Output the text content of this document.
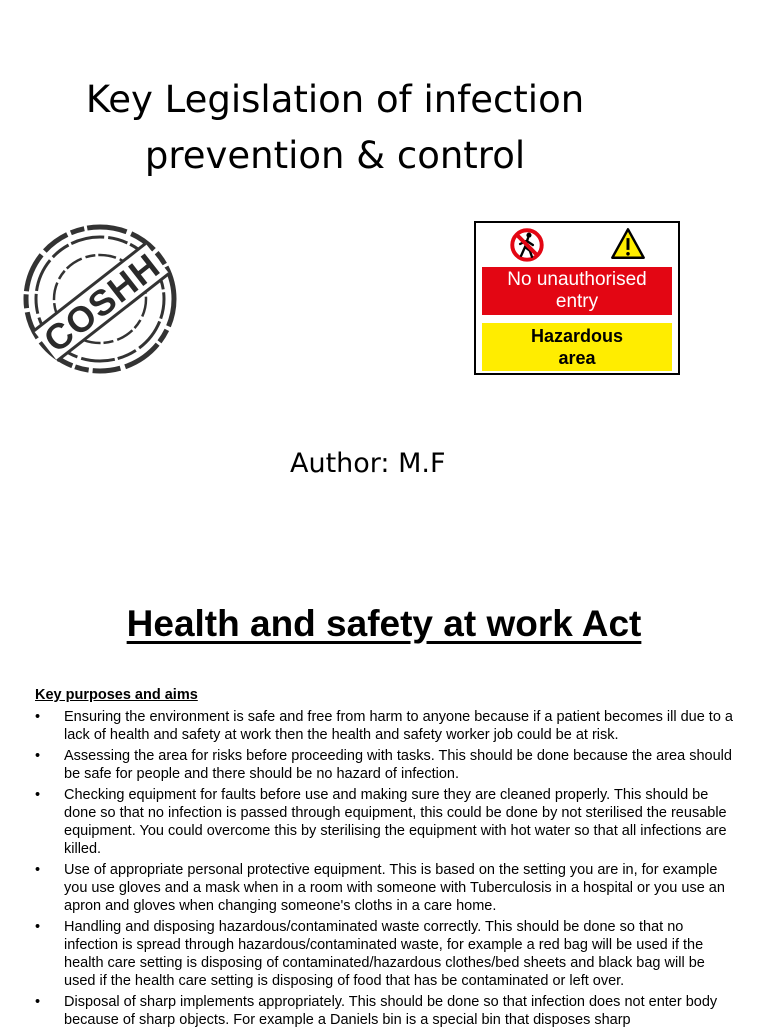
Key Legislation of infection
prevention & control
COSHH	No unauthorised
entry
Hazardous
area
Author: M.F
Health and safety at work Act
Key purposes and aims
• Ensuring the environment is safe and free from harm to anyone because if a patient becomes ill due to a lack of health and safety at work then the health and safety worker job could be at risk.
• Assessing the area for risks before proceeding with tasks. This should be done because the area should be safe for people and there should be no hazard of infection.
• Checking equipment for faults before use and making sure they are cleaned properly. This should be done so that no infection is passed through equipment, this could be done by not sterilised the reusable equipment. You could overcome this by sterilising the equipment with hot water so that all infections are killed.
• Use of appropriate personal protective equipment. This is based on the setting you are in, for example you use gloves and a mask when in a room with someone with Tuberculosis in a hospital or you use an apron and gloves when changing someone's cloths in a care home.
• Handling and disposing hazardous/contaminated waste correctly. This should be done so that no infection is spread through hazardous/contaminated waste, for example a red bag will be used if the health care setting is disposing of contaminated/hazardous clothes/bed sheets and black bag will be used if the health care setting is disposing of food that has be contaminated or left over.
• Disposal of sharp implements appropriately. This should be done so that infection does not enter body because of sharp objects. For example a Daniels bin is a special bin that disposes sharp
